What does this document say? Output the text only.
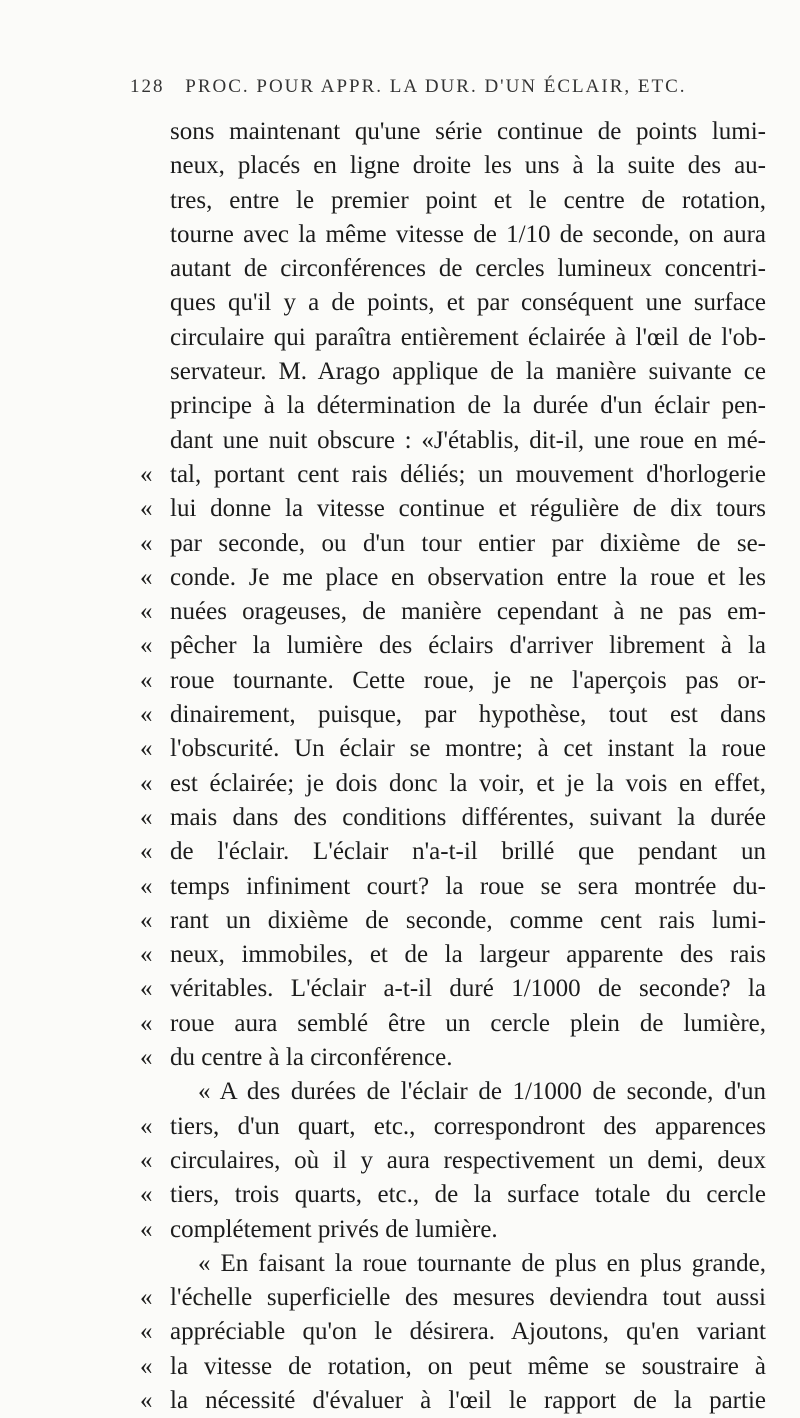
128 PROC. POUR APPR. LA DUR. D'UN ÉCLAIR, ETC.
sons maintenant qu'une série continue de points lumi-
neux, placés en ligne droite les uns à la suite des au-
tres, entre le premier point et le centre de rotation,
tourne avec la même vitesse de 1/10 de seconde, on aura
autant de circonférences de cercles lumineux concentri-
ques qu'il y a de points, et par conséquent une surface
circulaire qui paraîtra entièrement éclairée à l'œil de l'ob-
servateur. M. Arago applique de la manière suivante ce
principe à la détermination de la durée d'un éclair pen-
dant une nuit obscure : «J'établis, dit-il, une roue en mé-
« tal, portant cent rais déliés; un mouvement d'horlogerie
« lui donne la vitesse continue et régulière de dix tours
« par seconde, ou d'un tour entier par dixième de se-
« conde. Je me place en observation entre la roue et les
« nuées orageuses, de manière cependant à ne pas em-
« pêcher la lumière des éclairs d'arriver librement à la
« roue tournante. Cette roue, je ne l'aperçois pas or-
« dinairement, puisque, par hypothèse, tout est dans
« l'obscurité. Un éclair se montre; à cet instant la roue
« est éclairée; je dois donc la voir, et je la vois en effet,
« mais dans des conditions différentes, suivant la durée
« de l'éclair. L'éclair n'a-t-il brillé que pendant un
« temps infiniment court? la roue se sera montrée du-
« rant un dixième de seconde, comme cent rais lumi-
« neux, immobiles, et de la largeur apparente des rais
« véritables. L'éclair a-t-il duré 1/1000 de seconde? la
« roue aura semblé être un cercle plein de lumière,
« du centre à la circonférence.
« A des durées de l'éclair de 1/1000 de seconde, d'un
« tiers, d'un quart, etc., correspondront des apparences
« circulaires, où il y aura respectivement un demi, deux
« tiers, trois quarts, etc., de la surface totale du cercle
« complétement privés de lumière.
« En faisant la roue tournante de plus en plus grande,
« l'échelle superficielle des mesures deviendra tout aussi
« appréciable qu'on le désirera. Ajoutons, qu'en variant
« la vitesse de rotation, on peut même se soustraire à
« la nécessité d'évaluer à l'œil le rapport de la partie
